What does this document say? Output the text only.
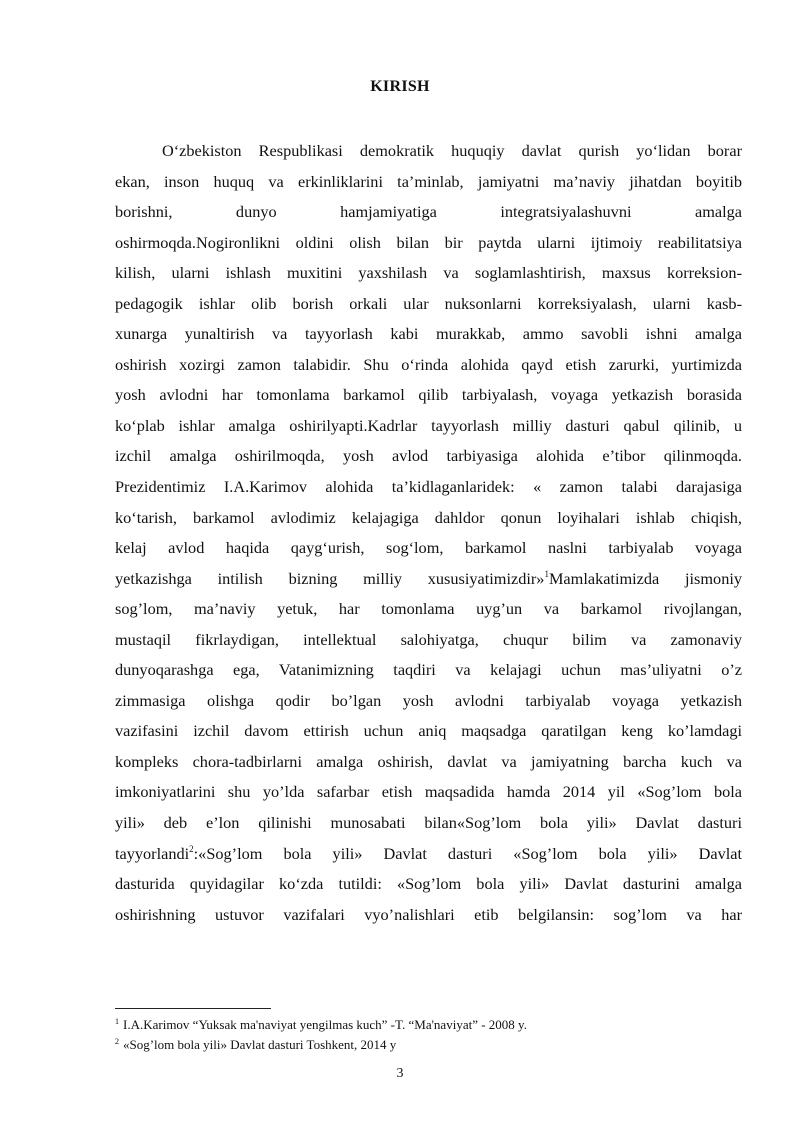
KIRISH
O‘zbekiston Respublikasi demokratik huquqiy davlat qurish yo‘lidan borar
ekan, inson huquq va erkinliklarini ta’minlab, jamiyatni ma’naviy jihatdan boyitib
borishni, dunyo hamjamiyatiga integratsiyalashuvni amalga
oshirmoqda.Nogironlikni oldini olish bilan bir paytda ularni ijtimoiy reabilitatsiya
kilish, ularni ishlash muxitini yaxshilash va soglamlashtirish, maxsus korreksion-
pedagogik ishlar olib borish orkali ular nuksonlarni korreksiyalash, ularni kasb-
xunarga yunaltirish va tayyorlash kabi murakkab, ammo savobli ishni amalga
oshirish xozirgi zamon talabidir. Shu o‘rinda alohida qayd etish zarurki, yurtimizda
yosh avlodni har tomonlama barkamol qilib tarbiyalash, voyaga yetkazish borasida
ko‘plab ishlar amalga oshirilyapti.Kadrlar tayyorlash milliy dasturi qabul qilinib, u
izchil amalga oshirilmoqda, yosh avlod tarbiyasiga alohida e’tibor qilinmoqda.
Prezidentimiz I.A.Karimov alohida ta’kidlaganlaridek: « zamon talabi darajasiga
ko‘tarish, barkamol avlodimiz kelajagiga dahldor qonun loyihalari ishlab chiqish,
kelaj avlod haqida qayg‘urish, sog‘lom, barkamol naslni tarbiyalab voyaga
yetkazishga intilish bizning milliy xususiyatimizdir»$^1$Mamlakatimizda jismoniy
sog’lom, ma’naviy yetuk, har tomonlama uyg’un va barkamol rivojlangan,
mustaqil fikrlaydigan, intellektual salohiyatga, chuqur bilim va zamonaviy
dunyoqarashga ega, Vatanimizning taqdiri va kelajagi uchun mas’uliyatni o’z
zimmasiga olishga qodir bo’lgan yosh avlodni tarbiyalab voyaga yetkazish
vazifasini izchil davom ettirish uchun aniq maqsadga qaratilgan keng ko’lamdagi
kompleks chora-tadbirlarni amalga oshirish, davlat va jamiyatning barcha kuch va
imkoniyatlarini shu yo’lda safarbar etish maqsadida hamda 2014 yil «Sog’lom bola
yili» deb e’lon qilinishi munosabati bilan«Sog’lom bola yili» Davlat dasturi
tayyorlandi$^2$:«Sog’lom bola yili» Davlat dasturi «Sog’lom bola yili» Davlat
dasturida quyidagilar ko‘zda tutildi: «Sog’lom bola yili» Davlat dasturini amalga
oshirishning ustuvor vazifalari vyo’nalishlari etib belgilansin: sog’lom va har
$^1$ I.A.Karimov “Yuksak ma'naviyat yengilmas kuch” -T. “Ma'naviyat” - 2008 y.
$^2$ «Sog’lom bola yili» Davlat dasturi Toshkent, 2014 y
3
